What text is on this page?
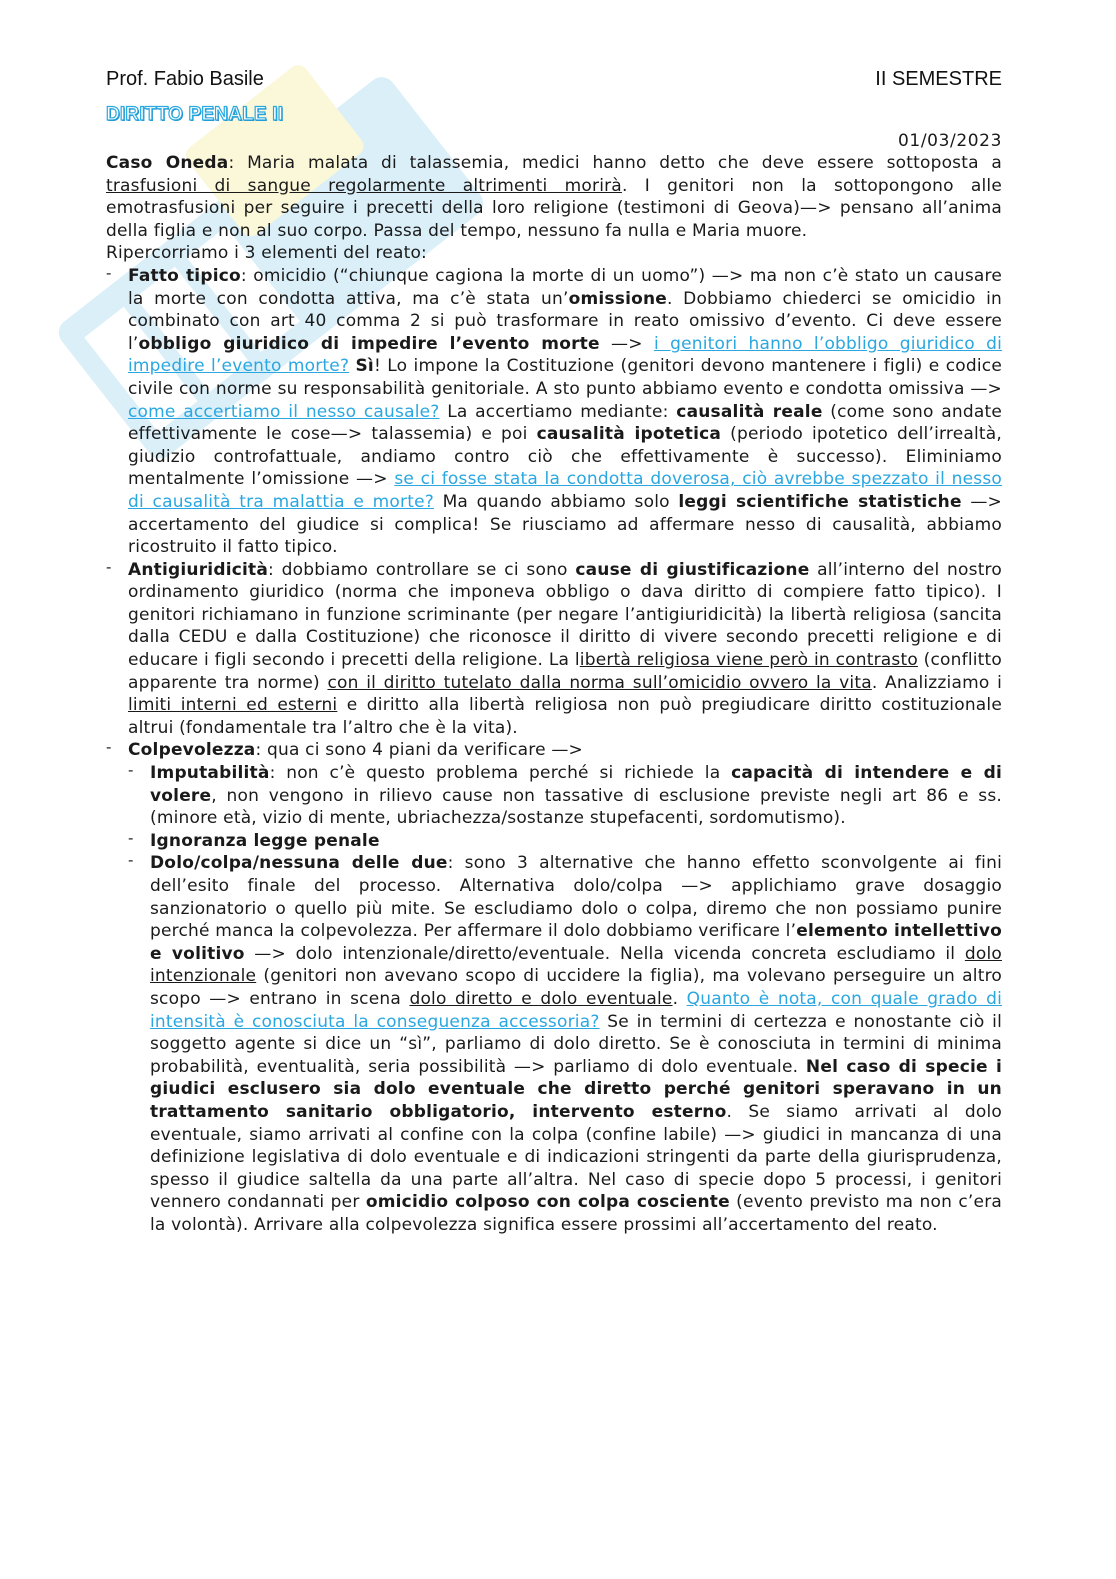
Prof. Fabio Basile	II SEMESTRE
DIRITTO PENALE II
01/03/2023

Caso Oneda: Maria malata di talassemia, medici hanno detto che deve essere sottoposta a trasfusioni di sangue regolarmente altrimenti morirà. I genitori non la sottopongono alle emotrasfusioni per seguire i precetti della loro religione (testimoni di Geova)—> pensano all’anima della figlia e non al suo corpo. Passa del tempo, nessuno fa nulla e Maria muore.

Ripercorriamo i 3 elementi del reato:

- Fatto tipico: omicidio (“chiunque cagiona la morte di un uomo”) —> ma non c’è stato un causare la morte con condotta attiva, ma c’è stata un’omissione. Dobbiamo chiederci se omicidio in combinato con art 40 comma 2 si può trasformare in reato omissivo d’evento. Ci deve essere l’obbligo giuridico di impedire l’evento morte —> i genitori hanno l’obbligo giuridico di impedire l’evento morte? Sì! Lo impone la Costituzione (genitori devono mantenere i figli) e codice civile con norme su responsabilità genitoriale. A sto punto abbiamo evento e condotta omissiva —> come accertiamo il nesso causale? La accertiamo mediante: causalità reale (come sono andate effettivamente le cose—> talassemia) e poi causalità ipotetica (periodo ipotetico dell’irrealtà, giudizio controfattuale, andiamo contro ciò che effettivamente è successo). Eliminiamo mentalmente l’omissione —> se ci fosse stata la condotta doverosa, ciò avrebbe spezzato il nesso di causalità tra malattia e morte? Ma quando abbiamo solo leggi scientifiche statistiche —> accertamento del giudice si complica! Se riusciamo ad affermare nesso di causalità, abbiamo ricostruito il fatto tipico.
- Antigiuridicità: dobbiamo controllare se ci sono cause di giustificazione all’interno del nostro ordinamento giuridico (norma che imponeva obbligo o dava diritto di compiere fatto tipico). I genitori richiamano in funzione scriminante (per negare l’antigiuridicità) la libertà religiosa (sancita dalla CEDU e dalla Costituzione) che riconosce il diritto di vivere secondo precetti religione e di educare i figli secondo i precetti della religione. La libertà religiosa viene però in contrasto (conflitto apparente tra norme) con il diritto tutelato dalla norma sull’omicidio ovvero la vita. Analizziamo i limiti interni ed esterni e diritto alla libertà religiosa non può pregiudicare diritto costituzionale altrui (fondamentale tra l’altro che è la vita).
- Colpevolezza: qua ci sono 4 piani da verificare —>
- Imputabilità: non c’è questo problema perché si richiede la capacità di intendere e di volere, non vengono in rilievo cause non tassative di esclusione previste negli art 86 e ss. (minore età, vizio di mente, ubriachezza/sostanze stupefacenti, sordomutismo).
- Ignoranza legge penale
- Dolo/colpa/nessuna delle due: sono 3 alternative che hanno effetto sconvolgente ai fini dell’esito finale del processo. Alternativa dolo/colpa —> applichiamo grave dosaggio sanzionatorio o quello più mite. Se escludiamo dolo o colpa, diremo che non possiamo punire perché manca la colpevolezza. Per affermare il dolo dobbiamo verificare l’elemento intellettivo e volitivo —> dolo intenzionale/diretto/eventuale. Nella vicenda concreta escludiamo il dolo intenzionale (genitori non avevano scopo di uccidere la figlia), ma volevano perseguire un altro scopo —> entrano in scena dolo diretto e dolo eventuale. Quanto è nota, con quale grado di intensità è conosciuta la conseguenza accessoria? Se in termini di certezza e nonostante ciò il soggetto agente si dice un “sì”, parliamo di dolo diretto. Se è conosciuta in termini di minima probabilità, eventualità, seria possibilità —> parliamo di dolo eventuale. Nel caso di specie i giudici esclusero sia dolo eventuale che diretto perché genitori speravano in un trattamento sanitario obbligatorio, intervento esterno. Se siamo arrivati al dolo eventuale, siamo arrivati al confine con la colpa (confine labile) —> giudici in mancanza di una definizione legislativa di dolo eventuale e di indicazioni stringenti da parte della giurisprudenza, spesso il giudice saltella da una parte all’altra. Nel caso di specie dopo 5 processi, i genitori vennero condannati per omicidio colposo con colpa cosciente (evento previsto ma non c’era la volontà). Arrivare alla colpevolezza significa essere prossimi all’accertamento del reato.
